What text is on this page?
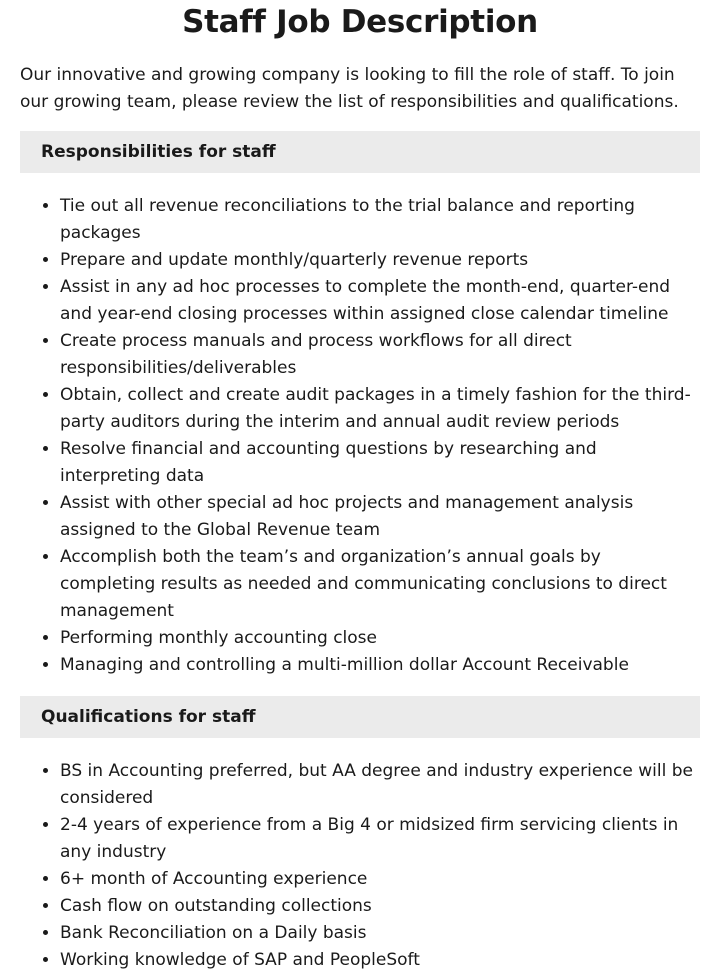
Staff Job Description

Our innovative and growing company is looking to fill the role of staff. To join our growing team, please review the list of responsibilities and qualifications.

Responsibilities for staff
• Tie out all revenue reconciliations to the trial balance and reporting packages
• Prepare and update monthly/quarterly revenue reports
• Assist in any ad hoc processes to complete the month-end, quarter-end and year-end closing processes within assigned close calendar timeline
• Create process manuals and process workflows for all direct responsibilities/deliverables
• Obtain, collect and create audit packages in a timely fashion for the third-party auditors during the interim and annual audit review periods
• Resolve financial and accounting questions by researching and interpreting data
• Assist with other special ad hoc projects and management analysis assigned to the Global Revenue team
• Accomplish both the team’s and organization’s annual goals by completing results as needed and communicating conclusions to direct management
• Performing monthly accounting close
• Managing and controlling a multi-million dollar Account Receivable
Qualifications for staff
• BS in Accounting preferred, but AA degree and industry experience will be considered
• 2-4 years of experience from a Big 4 or midsized firm servicing clients in any industry
• 6+ month of Accounting experience
• Cash flow on outstanding collections
• Bank Reconciliation on a Daily basis
• Working knowledge of SAP and PeopleSoft
